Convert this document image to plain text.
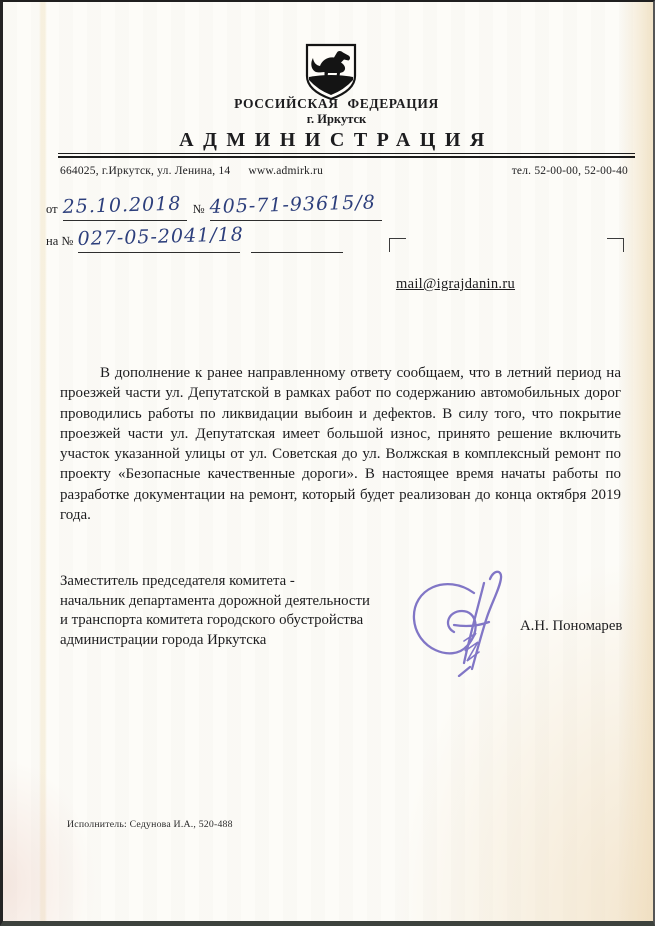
РОССИЙСКАЯ ФЕДЕРАЦИЯ
г. Иркутск
АДМИНИСТРАЦИЯ
664025, г.Иркутск, ул. Ленина, 14 www.admirk.ru	тел. 52-00-00, 52-00-40
от 25.10.2018 № 405-71-93615/8
на № 027-05-2041/18
mail@igrajdanin.ru
В дополнение к ранее направленному ответу сообщаем, что в летний период на проезжей части ул. Депутатской в рамках работ по содержанию автомобильных дорог проводились работы по ликвидации выбоин и дефектов. В силу того, что покрытие проезжей части ул. Депутатская имеет большой износ, принято решение включить участок указанной улицы от ул. Советская до ул. Волжская в комплексный ремонт по проекту «Безопасные качественные дороги». В настоящее время начаты работы по разработке документации на ремонт, который будет реализован до конца октября 2019 года.
Заместитель председателя комитета -
начальник департамента дорожной деятельности
и транспорта комитета городского обустройства
администрации города Иркутска
А.Н. Пономарев
Исполнитель: Седунова И.А., 520-488
